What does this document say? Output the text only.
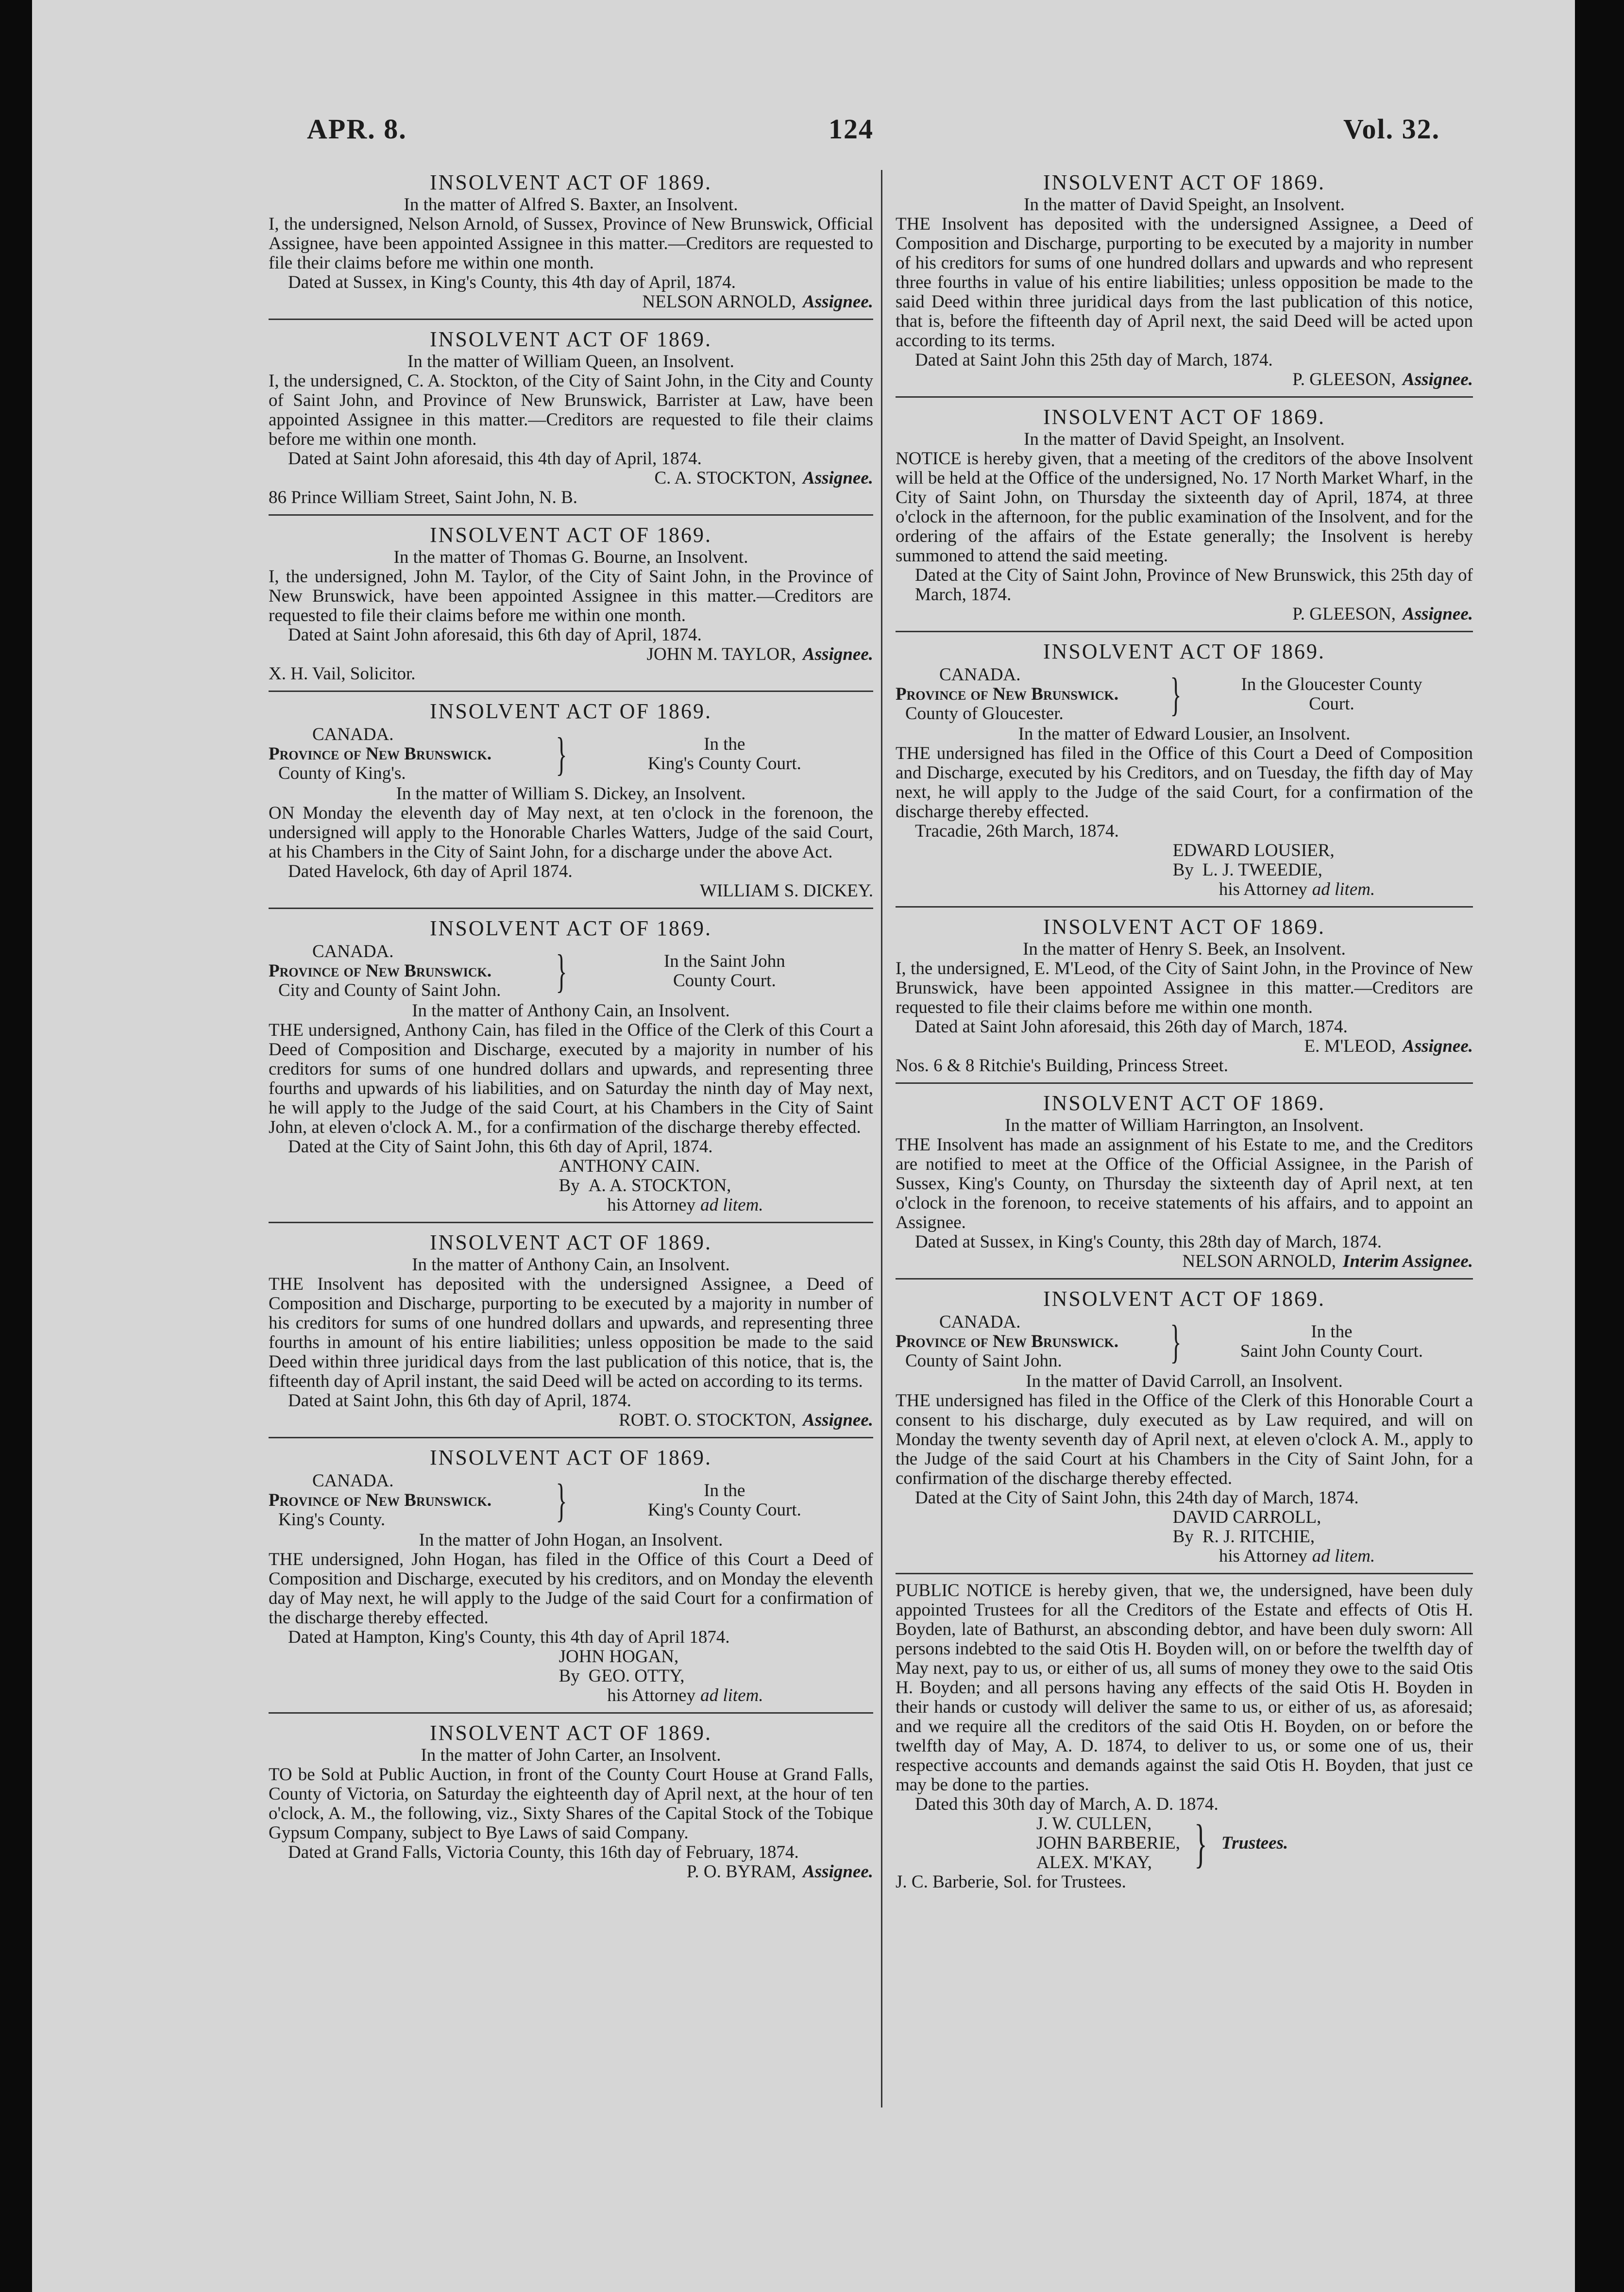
APR. 8.	124	Vol. 32.
INSOLVENT ACT OF 1869.
In the matter of Alfred S. Baxter, an Insolvent.

I, the undersigned, Nelson Arnold, of Sussex, Province of New Brunswick, Official Assignee, have been appointed Assignee in this matter.—Creditors are requested to file their claims before me within one month.

Dated at Sussex, in King's County, this 4th day of April, 1874.
NELSON ARNOLD, Assignee.
INSOLVENT ACT OF 1869.
In the matter of William Queen, an Insolvent.

I, the undersigned, C. A. Stockton, of the City of Saint John, in the City and County of Saint John, and Province of New Brunswick, Barrister at Law, have been appointed Assignee in this matter.—Creditors are requested to file their claims before me within one month.

Dated at Saint John aforesaid, this 4th day of April, 1874.
C. A. STOCKTON, Assignee.
86 Prince William Street, Saint John, N. B.
INSOLVENT ACT OF 1869.
In the matter of Thomas G. Bourne, an Insolvent.

I, the undersigned, John M. Taylor, of the City of Saint John, in the Province of New Brunswick, have been appointed Assignee in this matter.—Creditors are requested to file their claims before me within one month.

Dated at Saint John aforesaid, this 6th day of April, 1874.
JOHN M. TAYLOR, Assignee.
X. H. Vail, Solicitor.
INSOLVENT ACT OF 1869.
CANADA.
Province of New Brunswick.
County of King's.	}	In the
King's County Court.
In the matter of William S. Dickey, an Insolvent.

ON Monday the eleventh day of May next, at ten o'clock in the forenoon, the undersigned will apply to the Honorable Charles Watters, Judge of the said Court, at his Chambers in the City of Saint John, for a discharge under the above Act.

Dated Havelock, 6th day of April 1874.
WILLIAM S. DICKEY.
INSOLVENT ACT OF 1869.
CANADA.
Province of New Brunswick.
City and County of Saint John.	}	In the Saint John
County Court.
In the matter of Anthony Cain, an Insolvent.

THE undersigned, Anthony Cain, has filed in the Office of the Clerk of this Court a Deed of Composition and Discharge, executed by a majority in number of his creditors for sums of one hundred dollars and upwards, and representing three fourths and upwards of his liabilities, and on Saturday the ninth day of May next, he will apply to the Judge of the said Court, at his Chambers in the City of Saint John, at eleven o'clock A. M., for a confirmation of the discharge thereby effected.

Dated at the City of Saint John, this 6th day of April, 1874.
ANTHONY CAIN.
By A. A. STOCKTON,
his Attorney ad litem.
INSOLVENT ACT OF 1869.
In the matter of Anthony Cain, an Insolvent.

THE Insolvent has deposited with the undersigned Assignee, a Deed of Composition and Discharge, purporting to be executed by a majority in number of his creditors for sums of one hundred dollars and upwards, and representing three fourths in amount of his entire liabilities; unless opposition be made to the said Deed within three juridical days from the last publication of this notice, that is, the fifteenth day of April instant, the said Deed will be acted on according to its terms.

Dated at Saint John, this 6th day of April, 1874.
ROBT. O. STOCKTON, Assignee.
INSOLVENT ACT OF 1869.
CANADA.
Province of New Brunswick.
King's County.	}	In the
King's County Court.
In the matter of John Hogan, an Insolvent.

THE undersigned, John Hogan, has filed in the Office of this Court a Deed of Composition and Discharge, executed by his creditors, and on Monday the eleventh day of May next, he will apply to the Judge of the said Court for a confirmation of the discharge thereby effected.

Dated at Hampton, King's County, this 4th day of April 1874.
JOHN HOGAN,
By GEO. OTTY,
his Attorney ad litem.
INSOLVENT ACT OF 1869.
In the matter of John Carter, an Insolvent.

TO be Sold at Public Auction, in front of the County Court House at Grand Falls, County of Victoria, on Saturday the eighteenth day of April next, at the hour of ten o'clock, A. M., the following, viz., Sixty Shares of the Capital Stock of the Tobique Gypsum Company, subject to Bye Laws of said Company.

Dated at Grand Falls, Victoria County, this 16th day of February, 1874.
P. O. BYRAM, Assignee.
INSOLVENT ACT OF 1869.
In the matter of David Speight, an Insolvent.

THE Insolvent has deposited with the undersigned Assignee, a Deed of Composition and Discharge, purporting to be executed by a majority in number of his creditors for sums of one hundred dollars and upwards and who represent three fourths in value of his entire liabilities; unless opposition be made to the said Deed within three juridical days from the last publication of this notice, that is, before the fifteenth day of April next, the said Deed will be acted upon according to its terms.

Dated at Saint John this 25th day of March, 1874.
P. GLEESON, Assignee.
INSOLVENT ACT OF 1869.
In the matter of David Speight, an Insolvent.

NOTICE is hereby given, that a meeting of the creditors of the above Insolvent will be held at the Office of the undersigned, No. 17 North Market Wharf, in the City of Saint John, on Thursday the sixteenth day of April, 1874, at three o'clock in the afternoon, for the public examination of the Insolvent, and for the ordering of the affairs of the Estate generally; the Insolvent is hereby summoned to attend the said meeting.

Dated at the City of Saint John, Province of New Brunswick, this 25th day of March, 1874.
P. GLEESON, Assignee.
INSOLVENT ACT OF 1869.
CANADA.
Province of New Brunswick.
County of Gloucester.	}	In the Gloucester County
Court.
In the matter of Edward Lousier, an Insolvent.

THE undersigned has filed in the Office of this Court a Deed of Composition and Discharge, executed by his Creditors, and on Tuesday, the fifth day of May next, he will apply to the Judge of the said Court, for a confirmation of the discharge thereby effected.

Tracadie, 26th March, 1874.
EDWARD LOUSIER,
By L. J. TWEEDIE,
his Attorney ad litem.
INSOLVENT ACT OF 1869.
In the matter of Henry S. Beek, an Insolvent.

I, the undersigned, E. M'Leod, of the City of Saint John, in the Province of New Brunswick, have been appointed Assignee in this matter.—Creditors are requested to file their claims before me within one month.

Dated at Saint John aforesaid, this 26th day of March, 1874.
E. M'LEOD, Assignee.
Nos. 6 & 8 Ritchie's Building, Princess Street.
INSOLVENT ACT OF 1869.
In the matter of William Harrington, an Insolvent.

THE Insolvent has made an assignment of his Estate to me, and the Creditors are notified to meet at the Office of the Official Assignee, in the Parish of Sussex, King's County, on Thursday the sixteenth day of April next, at ten o'clock in the forenoon, to receive statements of his affairs, and to appoint an Assignee.

Dated at Sussex, in King's County, this 28th day of March, 1874.
NELSON ARNOLD, Interim Assignee.
INSOLVENT ACT OF 1869.
CANADA.
Province of New Brunswick.
County of Saint John.	}	In the
Saint John County Court.
In the matter of David Carroll, an Insolvent.

THE undersigned has filed in the Office of the Clerk of this Honorable Court a consent to his discharge, duly executed as by Law required, and will on Monday the twenty seventh day of April next, at eleven o'clock A. M., apply to the Judge of the said Court at his Chambers in the City of Saint John, for a confirmation of the discharge thereby effected.

Dated at the City of Saint John, this 24th day of March, 1874.
DAVID CARROLL,
By R. J. RITCHIE,
his Attorney ad litem.

PUBLIC NOTICE is hereby given, that we, the undersigned, have been duly appointed Trustees for all the Creditors of the Estate and effects of Otis H. Boyden, late of Bathurst, an absconding debtor, and have been duly sworn: All persons indebted to the said Otis H. Boyden will, on or before the twelfth day of May next, pay to us, or either of us, all sums of money they owe to the said Otis H. Boyden; and all persons having any effects of the said Otis H. Boyden in their hands or custody will deliver the same to us, or either of us, as aforesaid; and we require all the creditors of the said Otis H. Boyden, on or before the twelfth day of May, A. D. 1874, to deliver to us, or some one of us, their respective accounts and demands against the said Otis H. Boyden, that just ce may be done to the parties.

Dated this 30th day of March, A. D. 1874.
J. W. CULLEN,
JOHN BARBERIE,
ALEX. M'KAY, } Trustees.
J. C. Barberie, Sol. for Trustees.
